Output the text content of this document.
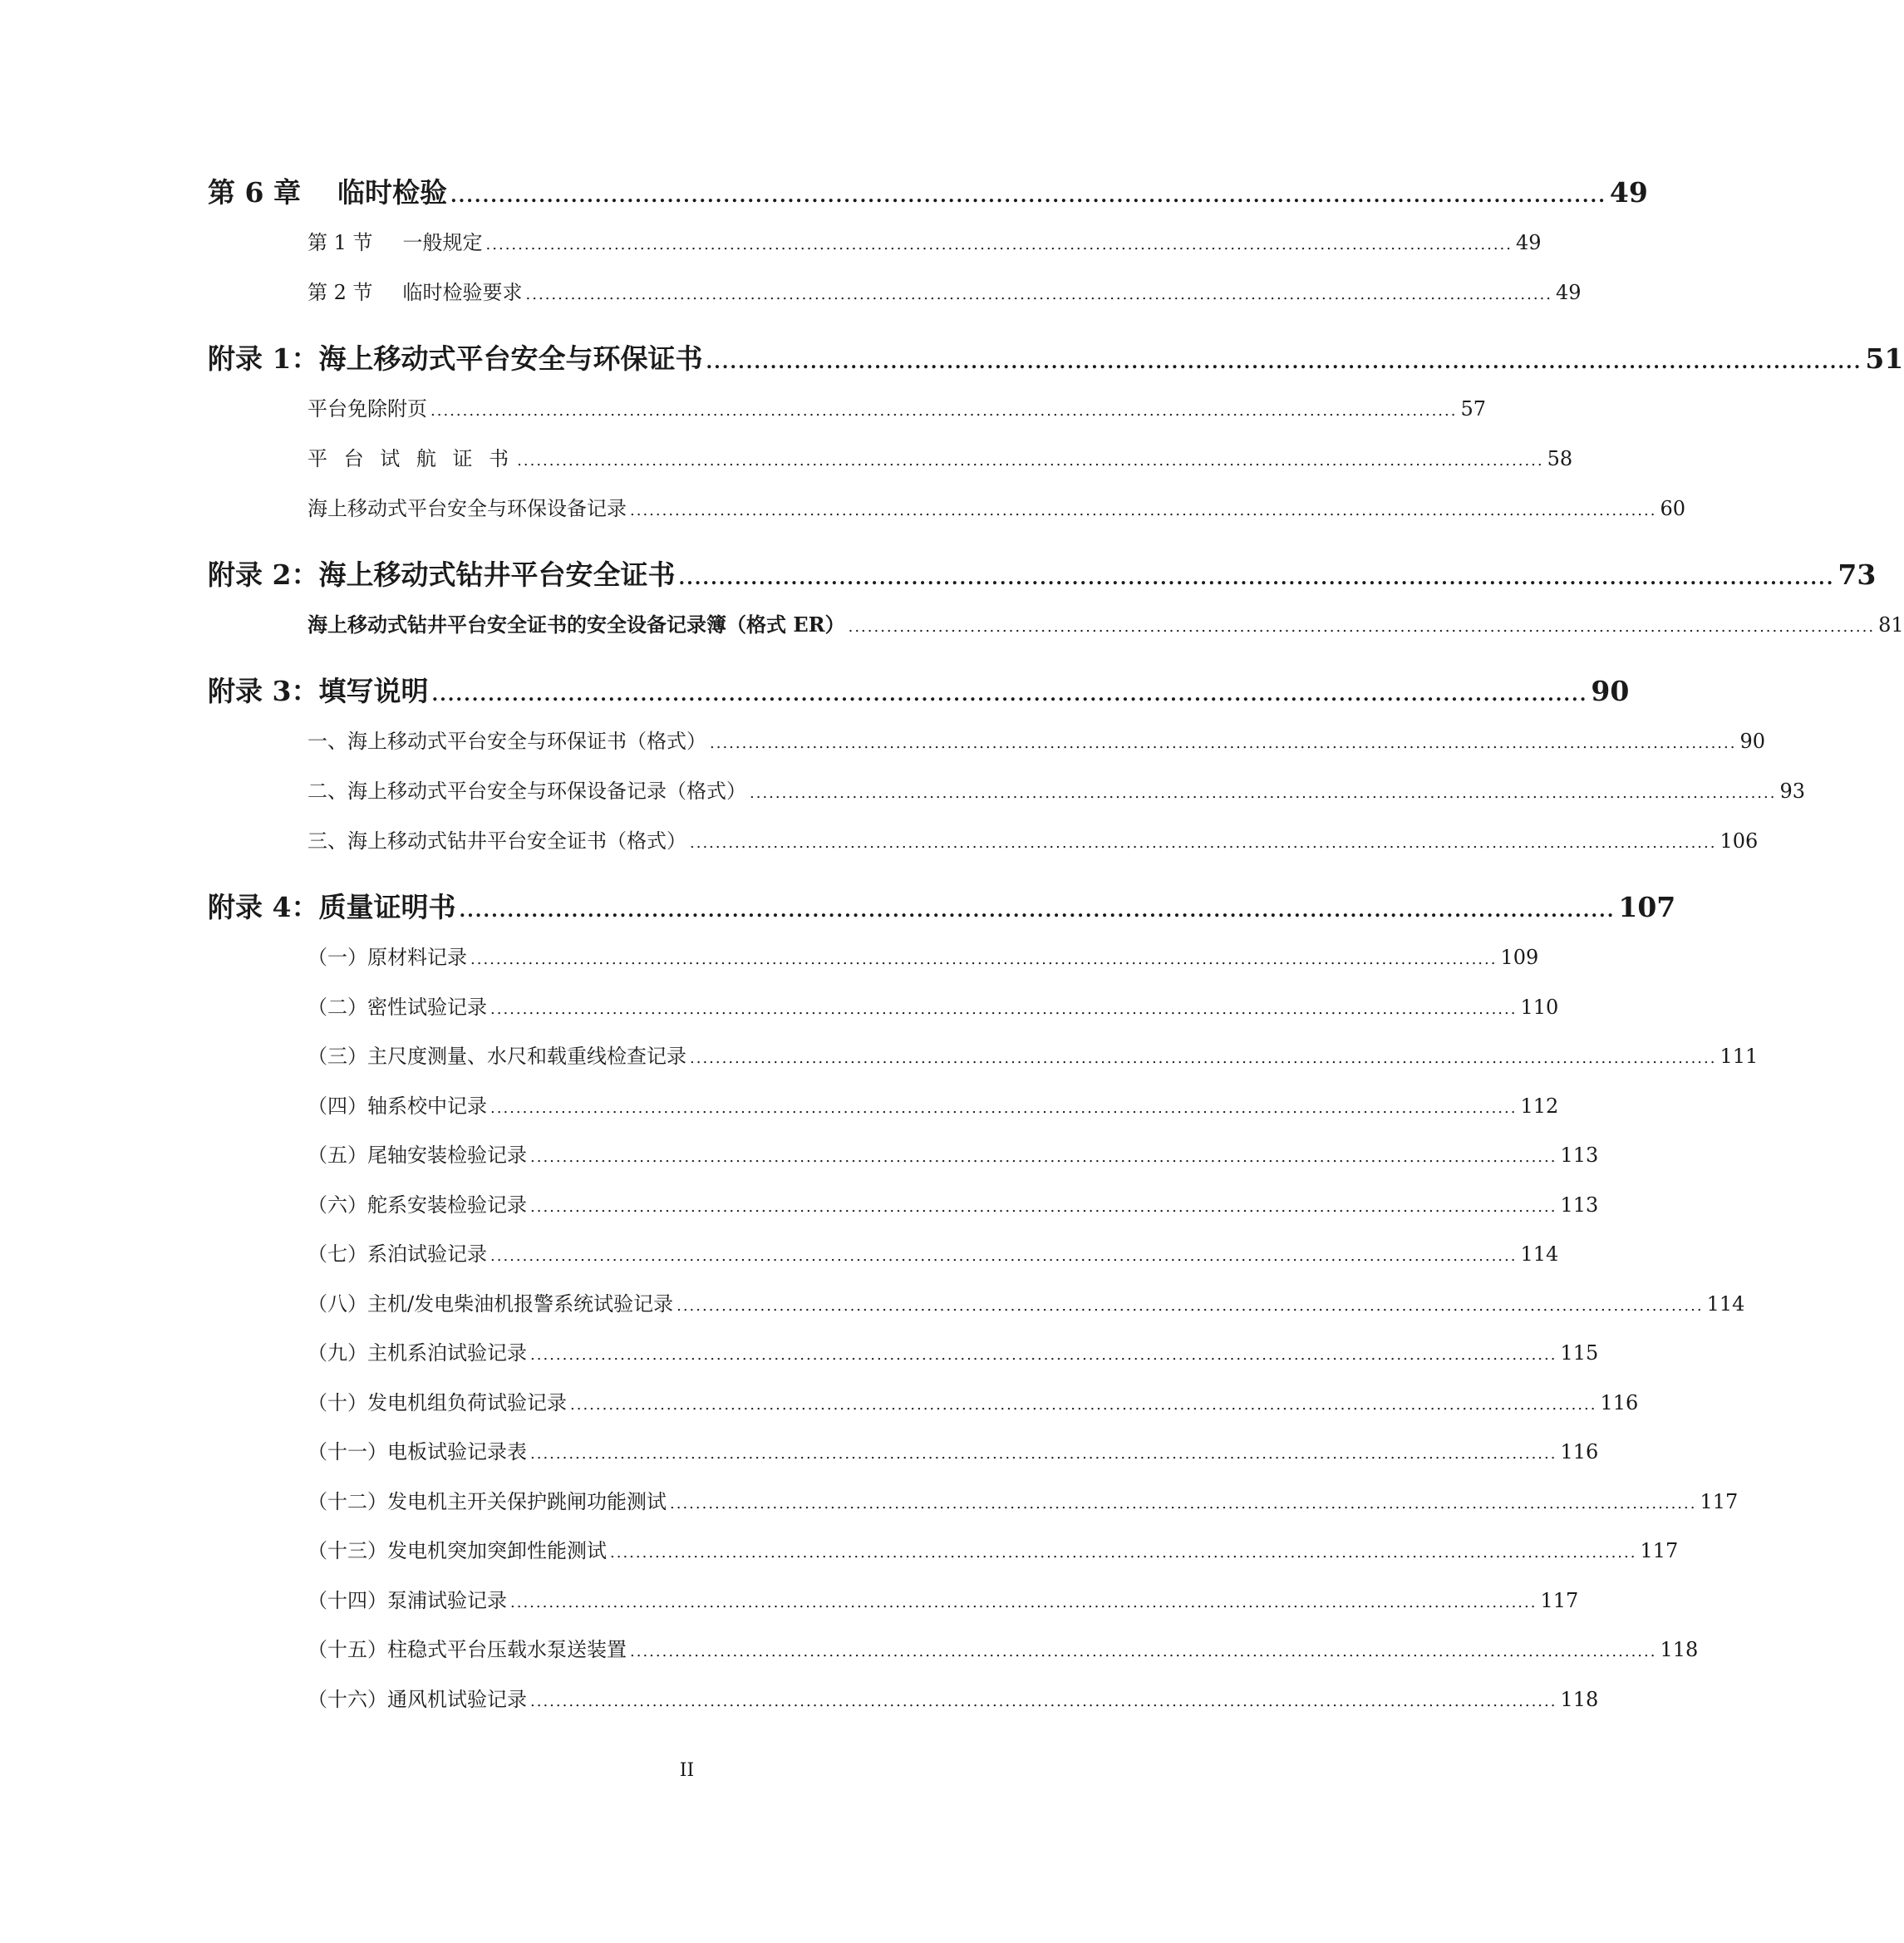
第 6 章 临时检验 ................................................................................................................................................ 49
第 1 节 一般规定 ................................................................................................................................................................ 49
第 2 节 临时检验要求 ................................................................................................................................................................ 49
附录 1：海上移动式平台安全与环保证书 ................................................................................................................................................ 51
平台免除附页 ................................................................................................................................................................ 57
平 台 试 航 证 书 ................................................................................................................................................................ 58
海上移动式平台安全与环保设备记录 ................................................................................................................................................................ 60
附录 2：海上移动式钻井平台安全证书 ................................................................................................................................................ 73
海上移动式钻井平台安全证书的安全设备记录簿（格式 ER） ................................................................................................................................................................ 81
附录 3：填写说明 ................................................................................................................................................ 90
一、海上移动式平台安全与环保证书（格式） ................................................................................................................................................................ 90
二、海上移动式平台安全与环保设备记录（格式） ................................................................................................................................................................ 93
三、海上移动式钻井平台安全证书（格式） ................................................................................................................................................................ 106
附录 4：质量证明书 ................................................................................................................................................ 107
（一）原材料记录 ................................................................................................................................................................ 109
（二）密性试验记录 ................................................................................................................................................................ 110
（三）主尺度测量、水尺和载重线检查记录 ................................................................................................................................................................ 111
（四）轴系校中记录 ................................................................................................................................................................ 112
（五）尾轴安装检验记录 ................................................................................................................................................................ 113
（六）舵系安装检验记录 ................................................................................................................................................................ 113
（七）系泊试验记录 ................................................................................................................................................................ 114
（八）主机/发电柴油机报警系统试验记录 ................................................................................................................................................................ 114
（九）主机系泊试验记录 ................................................................................................................................................................ 115
（十）发电机组负荷试验记录 ................................................................................................................................................................ 116
（十一）电板试验记录表 ................................................................................................................................................................ 116
（十二）发电机主开关保护跳闸功能测试 ................................................................................................................................................................ 117
（十三）发电机突加突卸性能测试 ................................................................................................................................................................ 117
（十四）泵浦试验记录 ................................................................................................................................................................ 117
（十五）柱稳式平台压载水泵送装置 ................................................................................................................................................................ 118
（十六）通风机试验记录 ................................................................................................................................................................ 118
II
